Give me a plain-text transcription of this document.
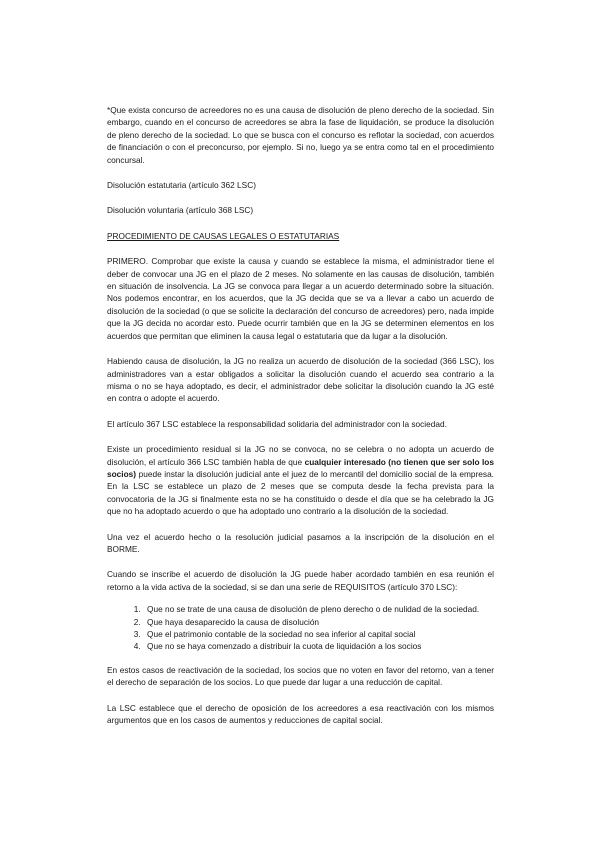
*Que exista concurso de acreedores no es una causa de disolución de pleno derecho de la sociedad. Sin embargo, cuando en el concurso de acreedores se abra la fase de liquidación, se produce la disolución de pleno derecho de la sociedad. Lo que se busca con el concurso es reflotar la sociedad, con acuerdos de financiación o con el preconcurso, por ejemplo. Si no, luego ya se entra como tal en el procedimiento concursal.

Disolución estatutaria (artículo 362 LSC)

Disolución voluntaria (artículo 368 LSC)

PROCEDIMIENTO DE CAUSAS LEGALES O ESTATUTARIAS

PRIMERO. Comprobar que existe la causa y cuando se establece la misma, el administrador tiene el deber de convocar una JG en el plazo de 2 meses. No solamente en las causas de disolución, también en situación de insolvencia. La JG se convoca para llegar a un acuerdo determinado sobre la situación. Nos podemos encontrar, en los acuerdos, que la JG decida que se va a llevar a cabo un acuerdo de disolución de la sociedad (o que se solicite la declaración del concurso de acreedores) pero, nada impide que la JG decida no acordar esto. Puede ocurrir también que en la JG se determinen elementos en los acuerdos que permitan que eliminen la causa legal o estatutaria que da lugar a la disolución.

Habiendo causa de disolución, la JG no realiza un acuerdo de disolución de la sociedad (366 LSC), los administradores van a estar obligados a solicitar la disolución cuando el acuerdo sea contrario a la misma o no se haya adoptado, es decir, el administrador debe solicitar la disolución cuando la JG esté en contra o adopte el acuerdo.

El artículo 367 LSC establece la responsabilidad solidaria del administrador con la sociedad.

Existe un procedimiento residual si la JG no se convoca, no se celebra o no adopta un acuerdo de disolución, el artículo 366 LSC también habla de que cualquier interesado (no tienen que ser solo los socios) puede instar la disolución judicial ante el juez de lo mercantil del domicilio social de la empresa. En la LSC se establece un plazo de 2 meses que se computa desde la fecha prevista para la convocatoria de la JG si finalmente esta no se ha constituido o desde el día que se ha celebrado la JG que no ha adoptado acuerdo o que ha adoptado uno contrario a la disolución de la sociedad.

Una vez el acuerdo hecho o la resolución judicial pasamos a la inscripción de la disolución en el BORME.

Cuando se inscribe el acuerdo de disolución la JG puede haber acordado también en esa reunión el retorno a la vida activa de la sociedad, si se dan una serie de REQUISITOS (artículo 370 LSC):

1. Que no se trate de una causa de disolución de pleno derecho o de nulidad de la sociedad.
2. Que haya desaparecido la causa de disolución
3. Que el patrimonio contable de la sociedad no sea inferior al capital social
4. Que no se haya comenzado a distribuir la cuota de liquidación a los socios

En estos casos de reactivación de la sociedad, los socios que no voten en favor del retorno, van a tener el derecho de separación de los socios. Lo que puede dar lugar a una reducción de capital.

La LSC establece que el derecho de oposición de los acreedores a esa reactivación con los mismos argumentos que en los casos de aumentos y reducciones de capital social.
